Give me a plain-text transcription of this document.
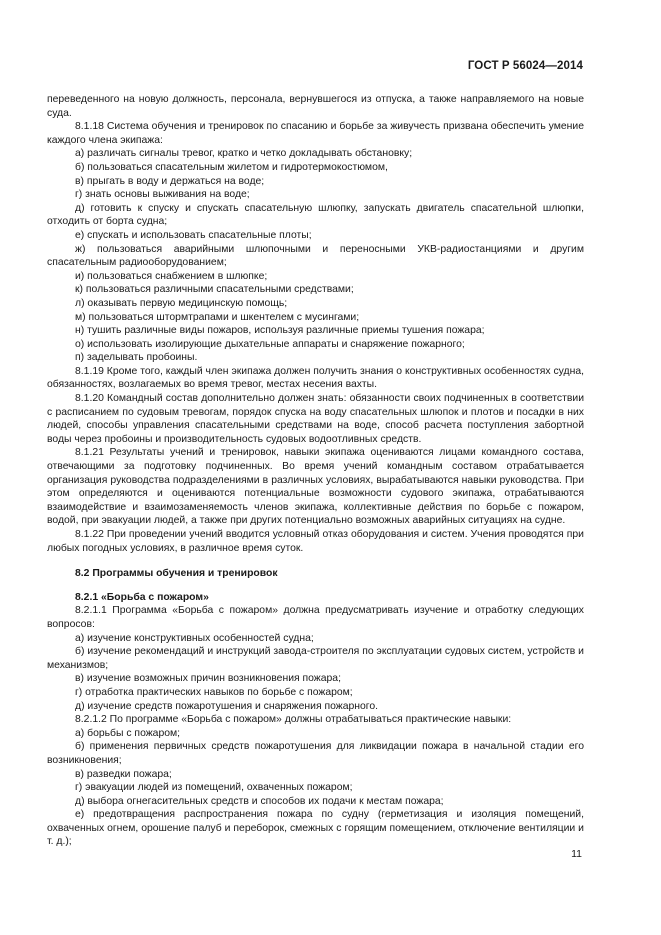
ГОСТ Р 56024—2014

переведенного на новую должность, персонала, вернувшегося из отпуска, а также направляемого на новые суда.

8.1.18 Система обучения и тренировок по спасанию и борьбе за живучесть призвана обеспечить умение каждого члена экипажа:

а) различать сигналы тревог, кратко и четко докладывать обстановку;

б) пользоваться спасательным жилетом и гидротермокостюмом,

в) прыгать в воду и держаться на воде;

г) знать основы выживания на воде;

д) готовить к спуску и спускать спасательную шлюпку, запускать двигатель спасательной шлюпки, отходить от борта судна;

е) спускать и использовать спасательные плоты;

ж) пользоваться аварийными шлюпочными и переносными УКВ-радиостанциями и другим спасательным радиооборудованием;

и) пользоваться снабжением в шлюпке;

к) пользоваться различными спасательными средствами;

л) оказывать первую медицинскую помощь;

м) пользоваться штормтрапами и шкентелем с мусингами;

н) тушить различные виды пожаров, используя различные приемы тушения пожара;

о) использовать изолирующие дыхательные аппараты и снаряжение пожарного;

п) заделывать пробоины.

8.1.19 Кроме того, каждый член экипажа должен получить знания о конструктивных особенностях судна, обязанностях, возлагаемых во время тревог, местах несения вахты.

8.1.20 Командный состав дополнительно должен знать: обязанности своих подчиненных в соответствии с расписанием по судовым тревогам, порядок спуска на воду спасательных шлюпок и плотов и посадки в них людей, способы управления спасательными средствами на воде, способ расчета поступления забортной воды через пробоины и производительность судовых водоотливных средств.

8.1.21 Результаты учений и тренировок, навыки экипажа оцениваются лицами командного состава, отвечающими за подготовку подчиненных. Во время учений командным составом отрабатывается организация руководства подразделениями в различных условиях, вырабатываются навыки руководства. При этом определяются и оцениваются потенциальные возможности судового экипажа, отрабатываются взаимодействие и взаимозаменяемость членов экипажа, коллективные действия по борьбе с пожаром, водой, при эвакуации людей, а также при других потенциально возможных аварийных ситуациях на судне.

8.1.22 При проведении учений вводится условный отказ оборудования и систем. Учения проводятся при любых погодных условиях, в различное время суток.

8.2 Программы обучения и тренировок

8.2.1 «Борьба с пожаром»

8.2.1.1 Программа «Борьба с пожаром» должна предусматривать изучение и отработку следующих вопросов:

а) изучение конструктивных особенностей судна;

б) изучение рекомендаций и инструкций завода-строителя по эксплуатации судовых систем, устройств и механизмов;

в) изучение возможных причин возникновения пожара;

г) отработка практических навыков по борьбе с пожаром;

д) изучение средств пожаротушения и снаряжения пожарного.

8.2.1.2 По программе «Борьба с пожаром» должны отрабатываться практические навыки:

а) борьбы с пожаром;

б) применения первичных средств пожаротушения для ликвидации пожара в начальной стадии его возникновения;

в) разведки пожара;

г) эвакуации людей из помещений, охваченных пожаром;

д) выбора огнегасительных средств и способов их подачи к местам пожара;

е) предотвращения распространения пожара по судну (герметизация и изоляция помещений, охваченных огнем, орошение палуб и переборок, смежных с горящим помещением, отключение вентиляции и т. д.);

11
